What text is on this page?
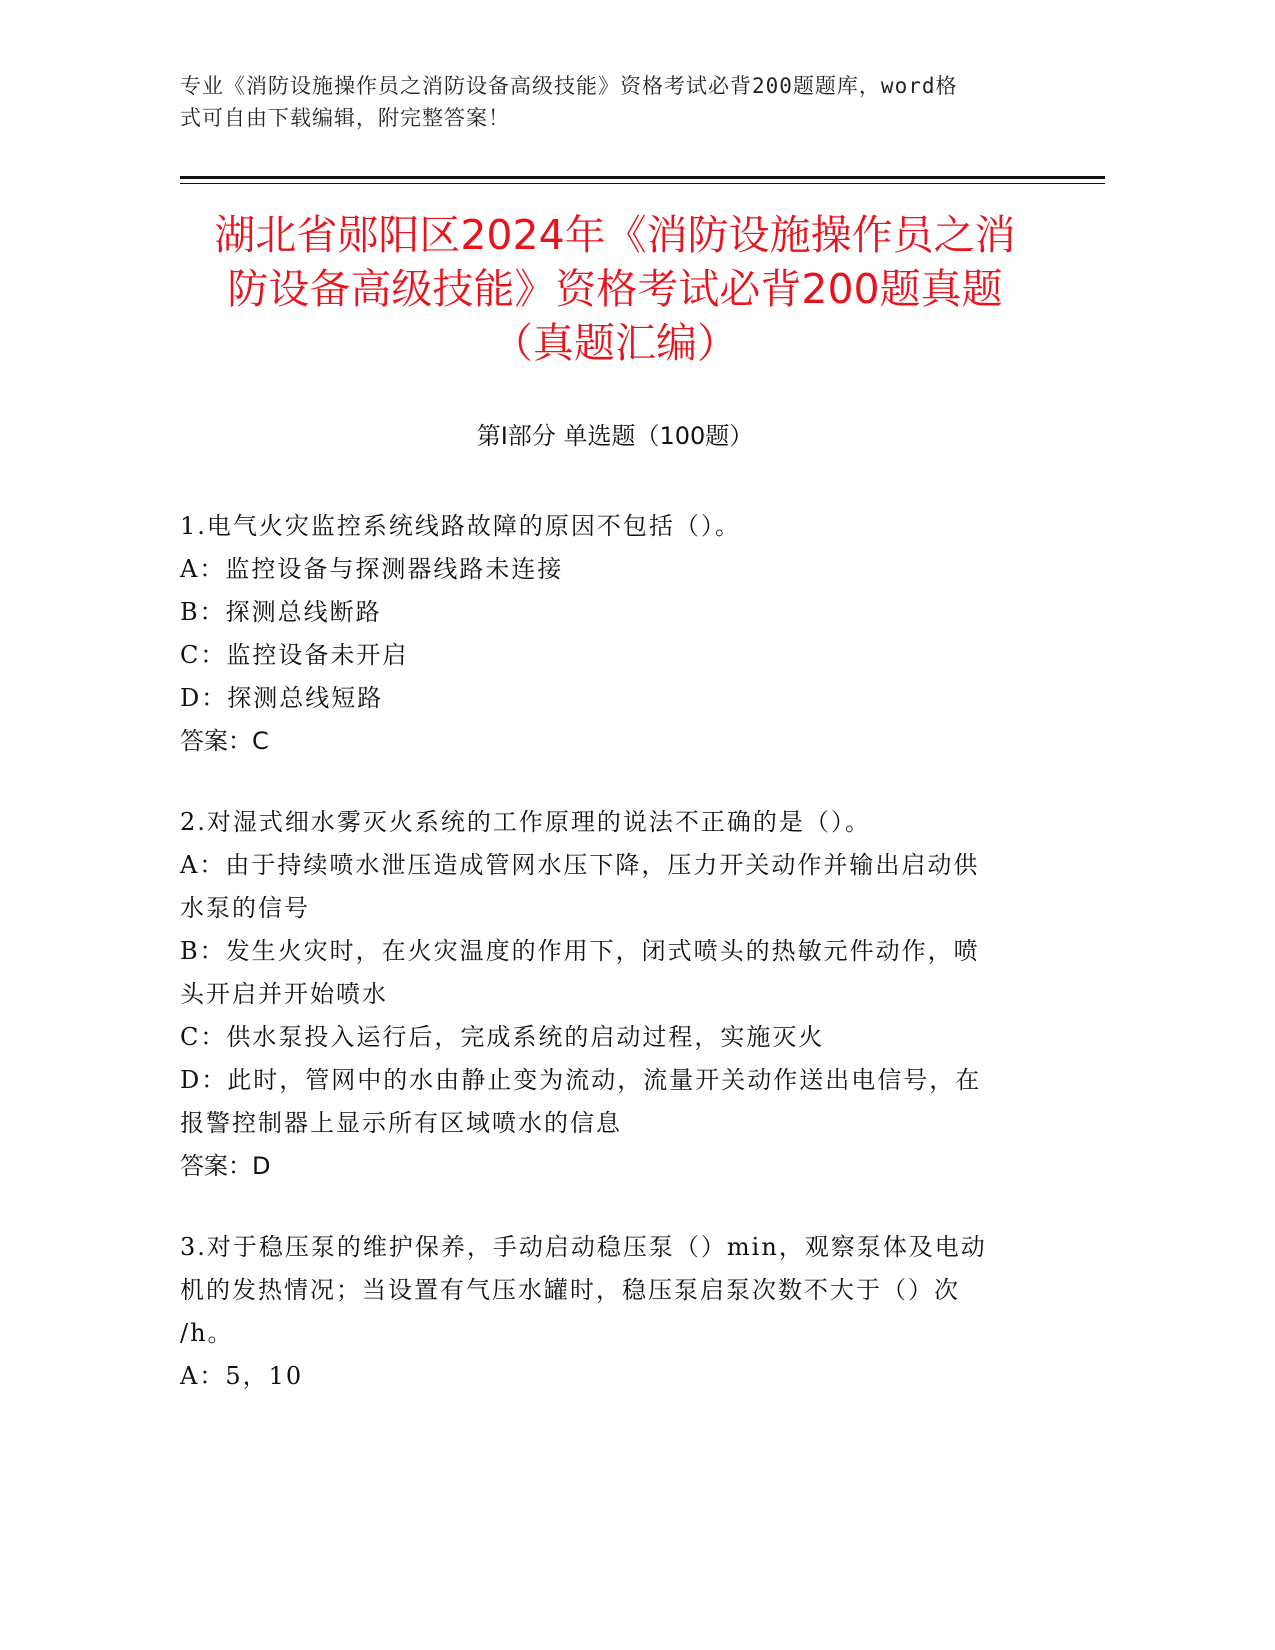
专业《消防设施操作员之消防设备高级技能》资格考试必背200题题库，word格
式可自由下载编辑，附完整答案！
湖北省郧阳区2024年《消防设施操作员之消
防设备高级技能》资格考试必背200题真题
（真题汇编）
第Ⅰ部分 单选题（100题）
1.电气火灾监控系统线路故障的原因不包括（）。
A：监控设备与探测器线路未连接
B：探测总线断路
C：监控设备未开启
D：探测总线短路
答案：C
2.对湿式细水雾灭火系统的工作原理的说法不正确的是（）。
A：由于持续喷水泄压造成管网水压下降，压力开关动作并输出启动供
水泵的信号
B：发生火灾时，在火灾温度的作用下，闭式喷头的热敏元件动作，喷
头开启并开始喷水
C：供水泵投入运行后，完成系统的启动过程，实施灭火
D：此时，管网中的水由静止变为流动，流量开关动作送出电信号，在
报警控制器上显示所有区域喷水的信息
答案：D
3.对于稳压泵的维护保养，手动启动稳压泵（）min，观察泵体及电动
机的发热情况；当设置有气压水罐时，稳压泵启泵次数不大于（）次
/h。
A：5，10
